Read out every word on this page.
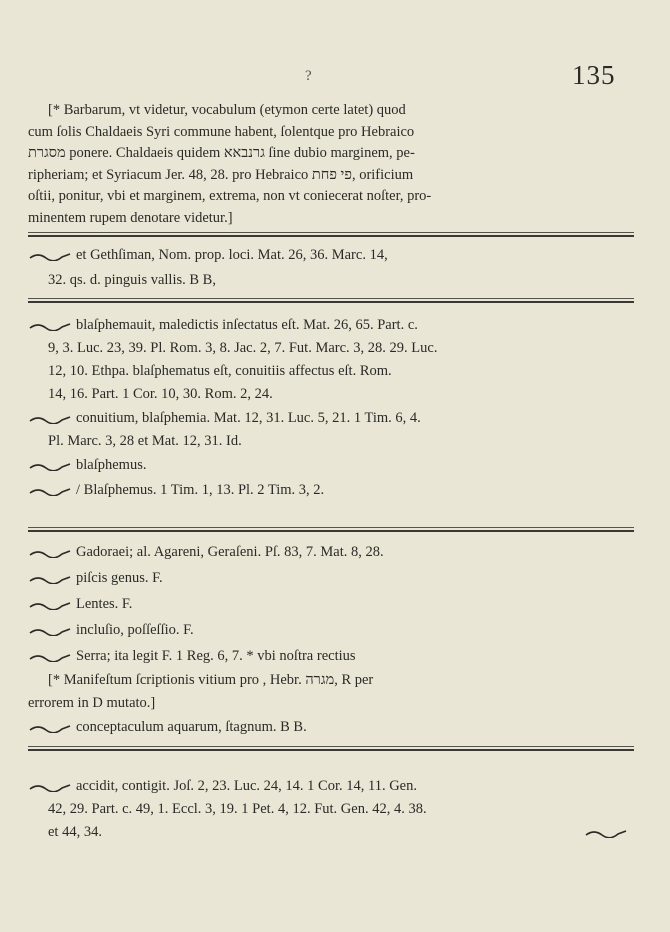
?	135
[* Barbarum, vt videtur, vocabulum (etymon certe latet) quod
cum ſolis Chaldaeis Syri commune habent, ſolentque pro Hebraico
מסגרת ponere. Chaldaeis quidem גרנבאא ſine dubio marginem, pe-
ripheriam; et Syriacum Jer. 48, 28. pro Hebraico פי פחת, orificium
oſtii, ponitur, vbi et marginem, extrema, non vt coniecerat noſter, pro-
minentem rupem denotare videtur.]
et Gethſiman, Nom. prop. loci. Mat. 26, 36. Marc. 14,
32. qs. d. pinguis vallis. B B,
blaſphemauit, maledictis inſectatus eſt. Mat. 26, 65. Part. c.
9, 3. Luc. 23, 39. Pl. Rom. 3, 8. Jac. 2, 7. Fut. Marc. 3, 28. 29. Luc.
12, 10. Ethpa. blaſphematus eſt, conuitiis affectus eſt. Rom.
14, 16. Part. 1 Cor. 10, 30. Rom. 2, 24.
conuitium, blaſphemia. Mat. 12, 31. Luc. 5, 21. 1 Tim. 6, 4.
Pl. Marc. 3, 28 et Mat. 12, 31. Id.
blaſphemus.
/ Blaſphemus. 1 Tim. 1, 13. Pl. 2 Tim. 3, 2.
Gadoraei; al. Agareni, Geraſeni. Pſ. 83, 7. Mat. 8, 28.
piſcis genus. F.
Lentes. F.
incluſio, poſſeſſio. F.
Serra; ita legit F. 1 Reg. 6, 7. * vbi noſtra rectius
[* Manifeſtum ſcriptionis vitium pro , Hebr. מגרה, R per
errorem in D mutato.]
conceptaculum aquarum, ſtagnum. B B.
accidit, contigit. Joſ. 2, 23. Luc. 24, 14. 1 Cor. 14, 11. Gen.
42, 29. Part. c. 49, 1. Eccl. 3, 19. 1 Pet. 4, 12. Fut. Gen. 42, 4. 38.
et 44, 34.
